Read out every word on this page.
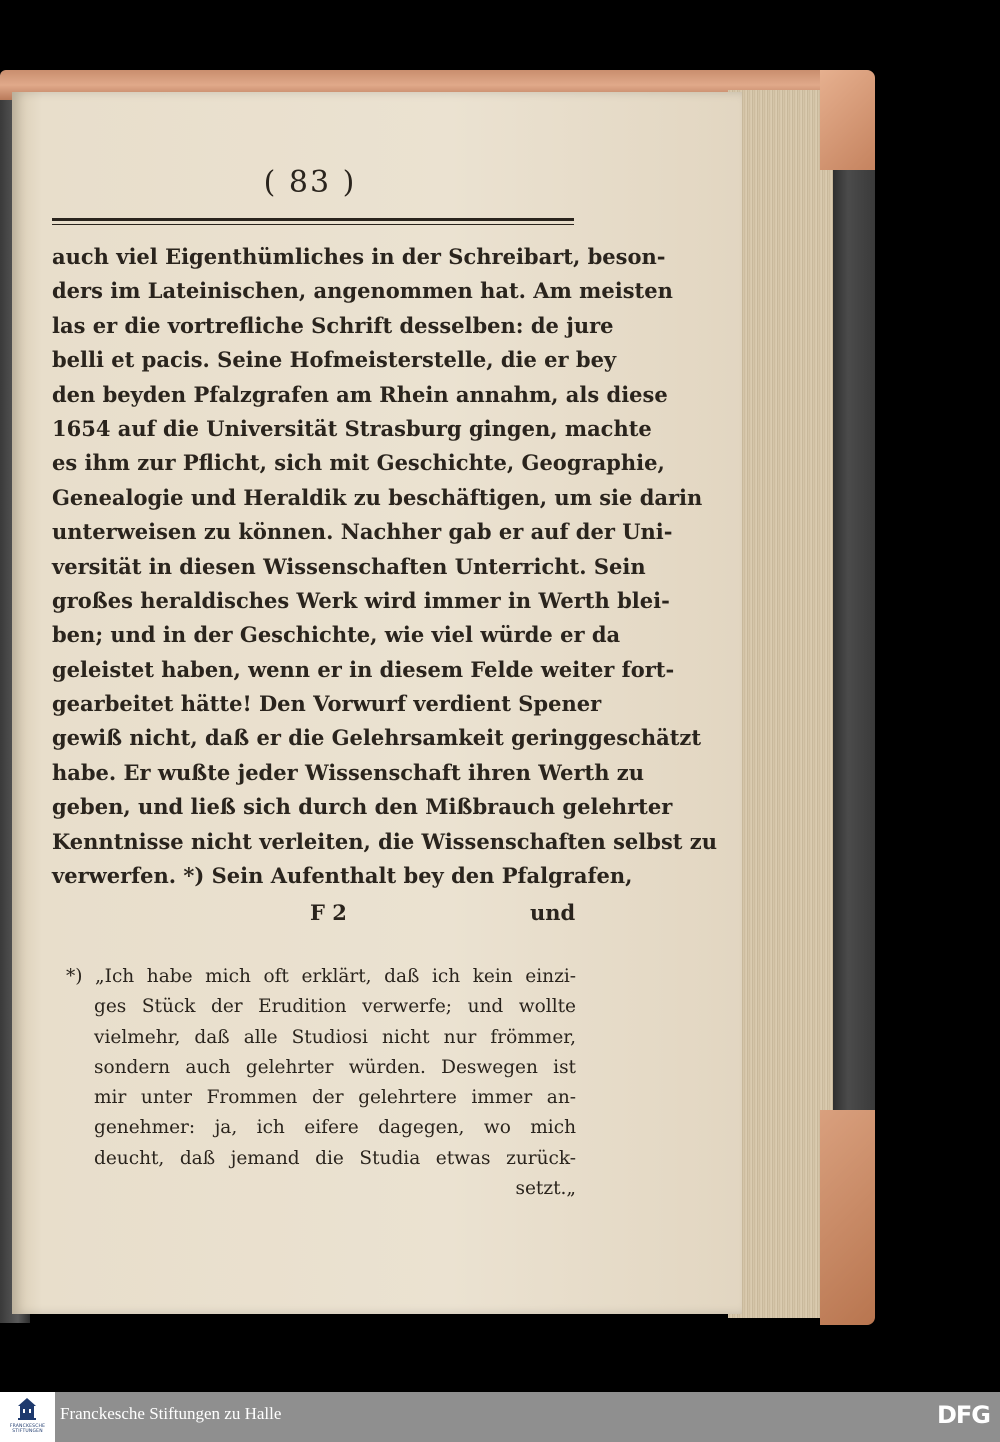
( 83 )
auch viel Eigenthümliches in der Schreibart, beson-
ders im Lateinischen, angenommen hat. Am meisten
las er die vortrefliche Schrift desselben: de jure
belli et pacis. Seine Hofmeisterstelle, die er bey
den beyden Pfalzgrafen am Rhein annahm, als diese
1654 auf die Universität Strasburg gingen, machte
es ihm zur Pflicht, sich mit Geschichte, Geographie,
Genealogie und Heraldik zu beschäftigen, um sie darin
unterweisen zu können. Nachher gab er auf der Uni-
versität in diesen Wissenschaften Unterricht. Sein
großes heraldisches Werk wird immer in Werth blei-
ben; und in der Geschichte, wie viel würde er da
geleistet haben, wenn er in diesem Felde weiter fort-
gearbeitet hätte! Den Vorwurf verdient Spener
gewiß nicht, daß er die Gelehrsamkeit geringgeschätzt
habe. Er wußte jeder Wissenschaft ihren Werth zu
geben, und ließ sich durch den Mißbrauch gelehrter
Kenntnisse nicht verleiten, die Wissenschaften selbst zu
verwerfen. *) Sein Aufenthalt bey den Pfalgrafen,
F 2	und
*) „Ich habe mich oft erklärt, daß ich kein einzi-
ges Stück der Erudition verwerfe; und wollte
vielmehr, daß alle Studiosi nicht nur frömmer,
sondern auch gelehrter würden. Deswegen ist
mir unter Frommen der gelehrtere immer an-
genehmer: ja, ich eifere dagegen, wo mich
deucht, daß jemand die Studia etwas zurück-
setzt.„
FRANCKESCHE
STIFTUNGEN
Franckesche Stiftungen zu Halle	DFG
